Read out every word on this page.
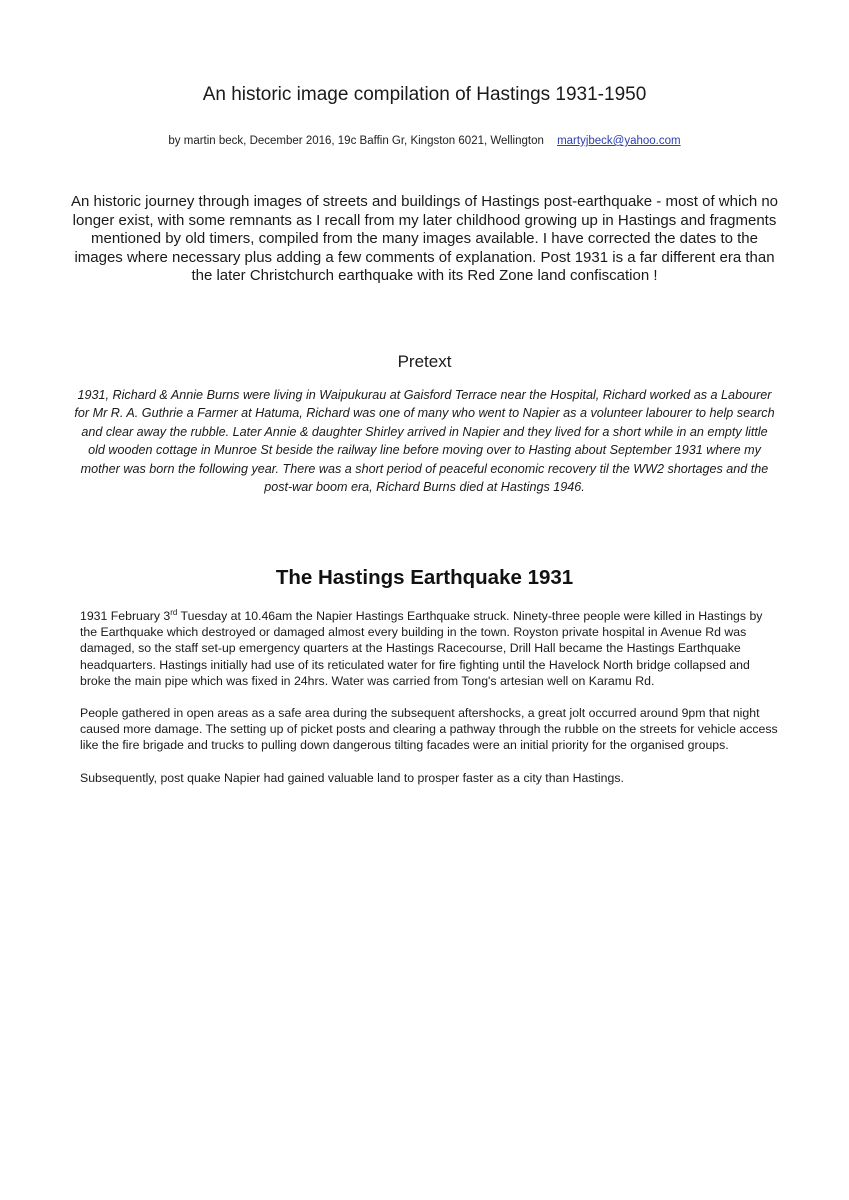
An historic image compilation of Hastings 1931-1950
by martin beck, December 2016, 19c Baffin Gr, Kingston 6021, Wellington martyjbeck@yahoo.com
An historic journey through images of streets and buildings of Hastings post-earthquake - most of which no longer exist, with some remnants as I recall from my later childhood growing up in Hastings and fragments mentioned by old timers, compiled from the many images available. I have corrected the dates to the images where necessary plus adding a few comments of explanation. Post 1931 is a far different era than the later Christchurch earthquake with its Red Zone land confiscation !
Pretext
1931, Richard & Annie Burns were living in Waipukurau at Gaisford Terrace near the Hospital, Richard worked as a Labourer for Mr R. A. Guthrie a Farmer at Hatuma, Richard was one of many who went to Napier as a volunteer labourer to help search and clear away the rubble. Later Annie & daughter Shirley arrived in Napier and they lived for a short while in an empty little old wooden cottage in Munroe St beside the railway line before moving over to Hasting about September 1931 where my mother was born the following year. There was a short period of peaceful economic recovery til the WW2 shortages and the post-war boom era, Richard Burns died at Hastings 1946.
The Hastings Earthquake 1931

1931 February 3rd Tuesday at 10.46am the Napier Hastings Earthquake struck. Ninety-three people were killed in Hastings by the Earthquake which destroyed or damaged almost every building in the town. Royston private hospital in Avenue Rd was damaged, so the staff set-up emergency quarters at the Hastings Racecourse, Drill Hall became the Hastings Earthquake headquarters. Hastings initially had use of its reticulated water for fire fighting until the Havelock North bridge collapsed and broke the main pipe which was fixed in 24hrs. Water was carried from Tong's artesian well on Karamu Rd.

People gathered in open areas as a safe area during the subsequent aftershocks, a great jolt occurred around 9pm that night caused more damage. The setting up of picket posts and clearing a pathway through the rubble on the streets for vehicle access like the fire brigade and trucks to pulling down dangerous tilting facades were an initial priority for the organised groups.

Subsequently, post quake Napier had gained valuable land to prosper faster as a city than Hastings.
